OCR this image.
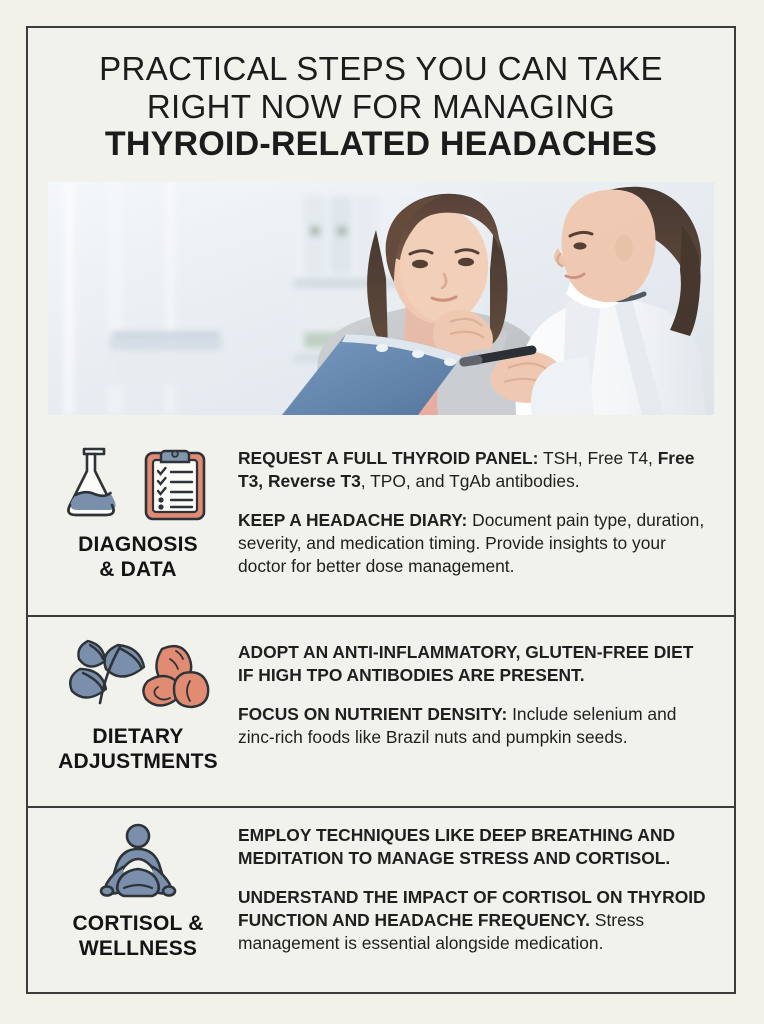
PRACTICAL STEPS YOU CAN TAKE
RIGHT NOW FOR MANAGING
THYROID-RELATED HEADACHES
DIAGNOSIS
& DATA

REQUEST A FULL THYROID PANEL: TSH, Free T4, Free T3, Reverse T3, TPO, and TgAb antibodies.

KEEP A HEADACHE DIARY: Document pain type, duration, severity, and medication timing. Provide insights to your doctor for better dose management.

DIETARY
ADJUSTMENTS

ADOPT AN ANTI-INFLAMMATORY, GLUTEN-FREE DIET IF HIGH TPO ANTIBODIES ARE PRESENT.

FOCUS ON NUTRIENT DENSITY: Include selenium and zinc-rich foods like Brazil nuts and pumpkin seeds.

CORTISOL &
WELLNESS

EMPLOY TECHNIQUES LIKE DEEP BREATHING AND MEDITATION TO MANAGE STRESS AND CORTISOL.

UNDERSTAND THE IMPACT OF CORTISOL ON THYROID FUNCTION AND HEADACHE FREQUENCY. Stress management is essential alongside medication.
